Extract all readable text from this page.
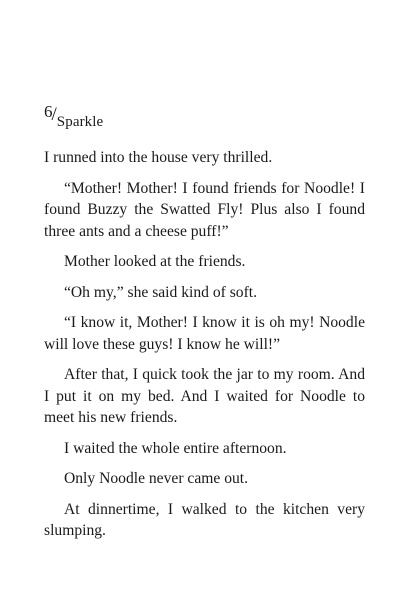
6/Sparkle

I runned into the house very thrilled.

“Mother! Mother! I found friends for Noodle! I found Buzzy the Swatted Fly! Plus also I found three ants and a cheese puff!”

Mother looked at the friends.

“Oh my,” she said kind of soft.

“I know it, Mother! I know it is oh my! Noodle will love these guys! I know he will!”

After that, I quick took the jar to my room. And I put it on my bed. And I waited for Noodle to meet his new friends.

I waited the whole entire afternoon.

Only Noodle never came out.

At dinnertime, I walked to the kitchen very slumping.
